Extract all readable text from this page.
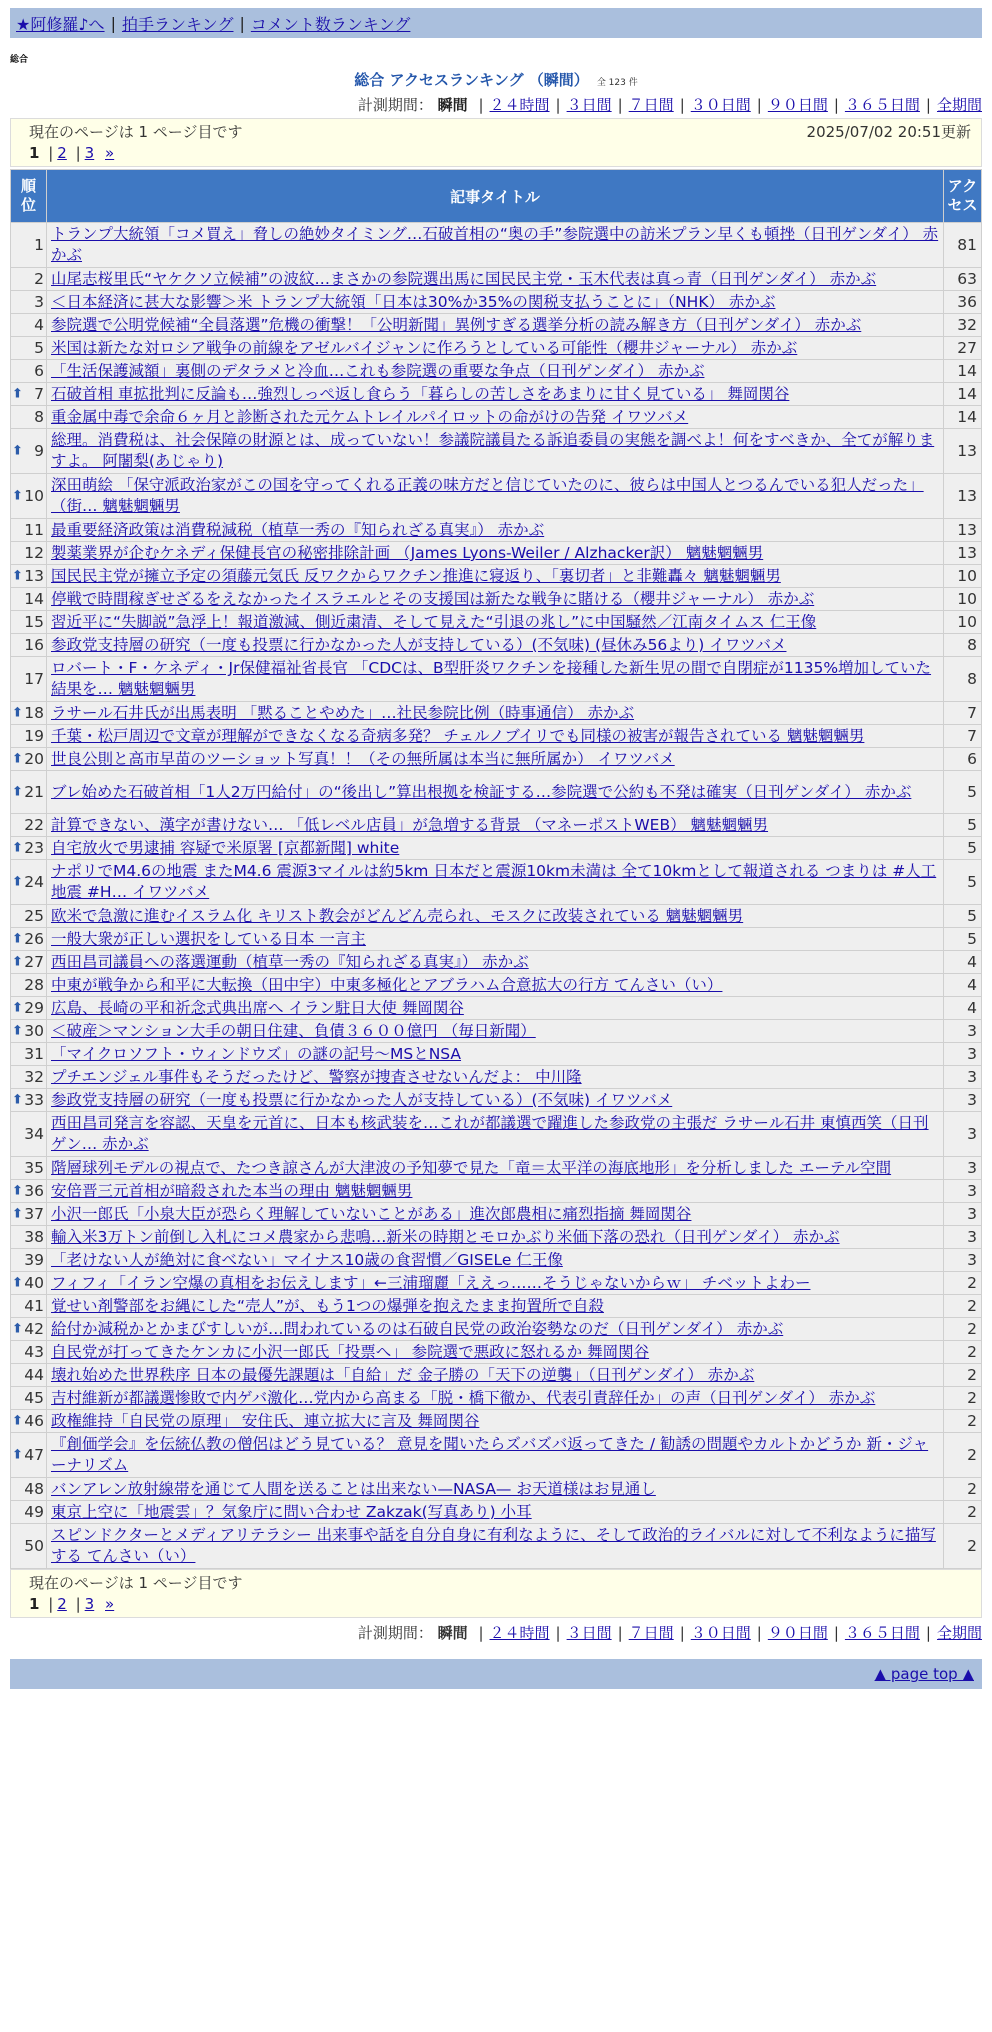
★阿修羅♪へ | 拍手ランキング | コメント数ランキング
総合
総合 アクセスランキング （瞬間） 全 123 件
計測期間： 瞬間 | ２４時間 | ３日間 | ７日間 | ３０日間 | ９０日間 | ３６５日間 | 全期間
現在のページは 1 ページ目です	2025/07/02 20:51更新
1 | 2 | 3 »
順位	記事タイトル	アクセス
1	トランプ大統領「コメ買え」脅しの絶妙タイミング…石破首相の“奥の手”参院選中の訪米プラン早くも頓挫（日刊ゲンダイ） 赤かぶ	81
2	山尾志桜里氏“ヤケクソ立候補”の波紋…まさかの参院選出馬に国民民主党・玉木代表は真っ青（日刊ゲンダイ） 赤かぶ	63
3	＜日本経済に甚大な影響＞米 トランプ大統領「日本は30%か35%の関税支払うことに」（NHK） 赤かぶ	36
4	参院選で公明党候補“全員落選”危機の衝撃！「公明新聞」異例すぎる選挙分析の読み解き方（日刊ゲンダイ） 赤かぶ	32
5	米国は新たな対ロシア戦争の前線をアゼルバイジャンに作ろうとしている可能性（櫻井ジャーナル） 赤かぶ	27
6	「生活保護減額」裏側のデタラメと冷血…これも参院選の重要な争点（日刊ゲンダイ） 赤かぶ	14

⬆ 7	石破首相 車拡批判に反論も…強烈しっぺ返し食らう「暮らしの苦しさをあまりに甘く見ている」 舞岡関谷	14
8	重金属中毒で余命６ヶ月と診断された元ケムトレイルパイロットの命がけの告発 イワツバメ	14

⬆ 9	総理。消費税は、社会保障の財源とは、成っていない！参議院議員たる訴追委員の実態を調べよ！何をすべきか、全てが解りますよ。 阿闍梨(あじゃり)	13

⬆ 10	深田萌絵 「保守派政治家がこの国を守ってくれる正義の味方だと信じていたのに、彼らは中国人とつるんでいる犯人だった」（街… 魑魅魍魎男	13
11	最重要経済政策は消費税減税（植草一秀の『知られざる真実』） 赤かぶ	13
12	製薬業界が企むケネディ保健長官の秘密排除計画 （James Lyons-Weiler / Alzhacker訳） 魑魅魍魎男	13

⬆ 13	国民民主党が擁立予定の須藤元気氏 反ワクからワクチン推進に寝返り、「裏切者」と非難轟々 魑魅魍魎男	10
14	停戦で時間稼ぎせざるをえなかったイスラエルとその支援国は新たな戦争に賭ける（櫻井ジャーナル） 赤かぶ	10
15	習近平に“失脚説”急浮上！報道激減、側近粛清、そして見えた“引退の兆し”に中国騒然／江南タイムス 仁王像	10
16	参政党支持層の研究（一度も投票に行かなかった人が支持している）(不気味) (昼休み56より) イワツバメ	8
17	ロバート・F・ケネディ・Jr保健福祉省長官 「CDCは、B型肝炎ワクチンを接種した新生児の間で自閉症が1135%増加していた結果を… 魑魅魍魎男	8

⬆ 18	ラサール石井氏が出馬表明 「黙ることやめた」…社民参院比例（時事通信） 赤かぶ	7
19	千葉・松戸周辺で文章が理解ができなくなる奇病多発？ チェルノブイリでも同様の被害が報告されている 魑魅魍魎男	7

⬆ 20	世良公則と高市早苗のツーショット写真！！（その無所属は本当に無所属か） イワツバメ	6

⬆ 21	ブレ始めた石破首相「1人2万円給付」の“後出し”算出根拠を検証する…参院選で公約も不発は確実（日刊ゲンダイ） 赤かぶ	5
22	計算できない、漢字が書けない… 「低レベル店員」が急増する背景 （マネーポストWEB） 魑魅魍魎男	5

⬆ 23	自宅放火で男逮捕 容疑で米原署 [京都新聞] white	5

⬆ 24	ナポリでM4.6の地震 またM4.6 震源3マイルは約5km 日本だと震源10km未満は 全て10kmとして報道される つまりは #人工地震 #H… イワツバメ	5
25	欧米で急激に進むイスラム化 キリスト教会がどんどん売られ、モスクに改装されている 魑魅魍魎男	5

⬆ 26	一般大衆が正しい選択をしている日本 一言主	5

⬆ 27	西田昌司議員への落選運動（植草一秀の『知られざる真実』） 赤かぶ	4
28	中東が戦争から和平に大転換（田中宇）中東多極化とアブラハム合意拡大の行方 てんさい（い）	4

⬆ 29	広島、長崎の平和祈念式典出席へ イラン駐日大使 舞岡関谷	4

⬆ 30	＜破産＞マンション大手の朝日住建、負債３６００億円 （毎日新聞）	3
31	「マイクロソフト・ウィンドウズ」の謎の記号～MSとNSA	3
32	プチエンジェル事件もそうだったけど、警察が捜査させないんだよ： 中川隆	3

⬆ 33	参政党支持層の研究（一度も投票に行かなかった人が支持している）(不気味) イワツバメ	3
34	西田昌司発言を容認、天皇を元首に、日本も核武装を…これが都議選で躍進した参政党の主張だ ラサール石井 東慎西笑（日刊ゲン… 赤かぶ	3
35	階層球列モデルの視点で、たつき諒さんが大津波の予知夢で見た「竜＝太平洋の海底地形」を分析しました エーテル空間	3

⬆ 36	安倍晋三元首相が暗殺された本当の理由 魑魅魍魎男	3

⬆ 37	小沢一郎氏「小泉大臣が恐らく理解していないことがある」進次郎農相に痛烈指摘 舞岡関谷	3
38	輸入米3万トン前倒し入札にコメ農家から悲鳴…新米の時期とモロかぶり米価下落の恐れ（日刊ゲンダイ） 赤かぶ	3
39	「老けない人が絶対に食べない」マイナス10歳の食習慣／GISELe 仁王像	3

⬆ 40	フィフィ「イラン空爆の真相をお伝えします」←三浦瑠麗「ええっ……そうじゃないからｗ」 チベットよわー	2
41	覚せい剤警部をお縄にした“売人”が、もう1つの爆弾を抱えたまま拘置所で自殺	2

⬆ 42	給付か減税かとかまびすしいが…問われているのは石破自民党の政治姿勢なのだ（日刊ゲンダイ） 赤かぶ	2
43	自民党が打ってきたケンカに小沢一郎氏「投票へ」 参院選で悪政に怒れるか 舞岡関谷	2
44	壊れ始めた世界秩序 日本の最優先課題は「自給」だ 金子勝の「天下の逆襲」（日刊ゲンダイ） 赤かぶ	2
45	吉村維新が都議選惨敗で内ゲバ激化…党内から高まる「脱・橋下徹か、代表引責辞任か」の声（日刊ゲンダイ） 赤かぶ	2

⬆ 46	政権維持「自民党の原理」 安住氏、連立拡大に言及 舞岡関谷	2

⬆ 47	『創価学会』を伝統仏教の僧侶はどう見ている？ 意見を聞いたらズバズバ返ってきた / 勧誘の問題やカルトかどうか 新・ジャーナリズム	2
48	バンアレン放射線帯を通じて人間を送ることは出来ない—NASA— お天道様はお見通し	2
49	東京上空に「地震雲」？気象庁に問い合わせ Zakzak(写真あり) 小耳	2
50	スピンドクターとメディアリテラシー 出来事や話を自分自身に有利なように、そして政治的ライバルに対して不利なように描写する てんさい（い）	2
現在のページは 1 ページ目です
1 | 2 | 3 »
計測期間： 瞬間 | ２４時間 | ３日間 | ７日間 | ３０日間 | ９０日間 | ３６５日間 | 全期間
▲ page top ▲
